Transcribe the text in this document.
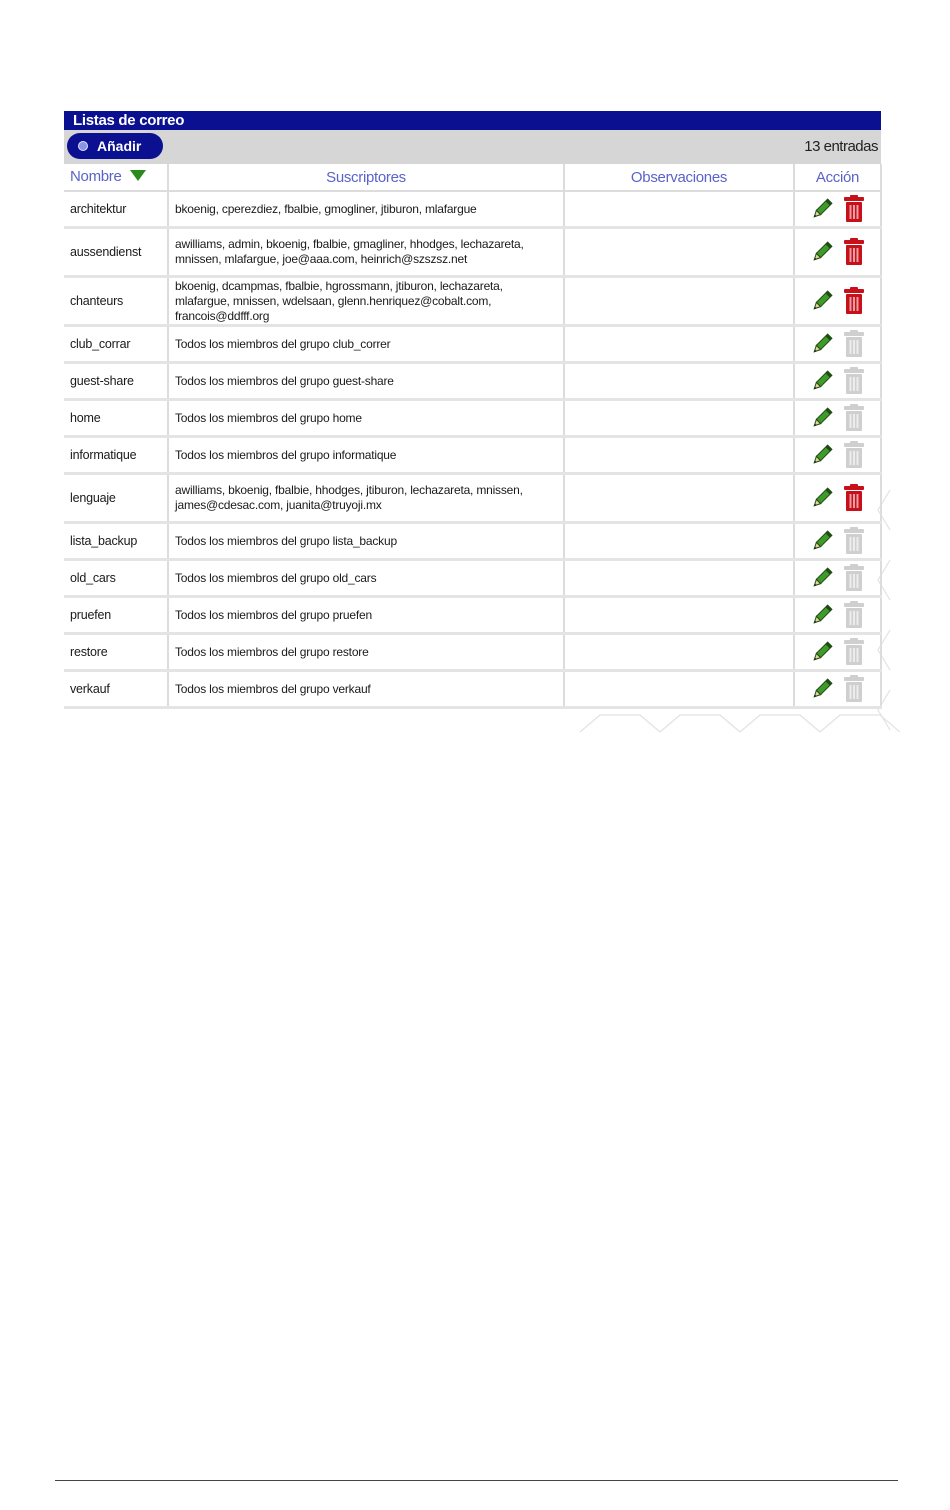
Listas de correo
Añadir	13 entradas
Nombre	Suscriptores	Observaciones	Acción
architektur	bkoenig, cperezdiez, fbalbie, gmogliner, jtiburon, mlafargue		

aussendienst	awilliams, admin, bkoenig, fbalbie, gmagliner, hhodges, lechazareta, mnissen, mlafargue, joe@aaa.com, heinrich@szszsz.net		

chanteurs	bkoenig, dcampmas, fbalbie, hgrossmann, jtiburon, lechazareta, mlafargue, mnissen, wdelsaan, glenn.henriquez@cobalt.com, francois@ddfff.org		

club_corrar	Todos los miembros del grupo club_correr		

guest-share	Todos los miembros del grupo guest-share		

home	Todos los miembros del grupo home		

informatique	Todos los miembros del grupo informatique		

lenguaje	awilliams, bkoenig, fbalbie, hhodges, jtiburon, lechazareta, mnissen, james@cdesac.com, juanita@truyoji.mx		

lista_backup	Todos los miembros del grupo lista_backup		

old_cars	Todos los miembros del grupo old_cars		

pruefen	Todos los miembros del grupo pruefen		

restore	Todos los miembros del grupo restore		

verkauf	Todos los miembros del grupo verkauf		
